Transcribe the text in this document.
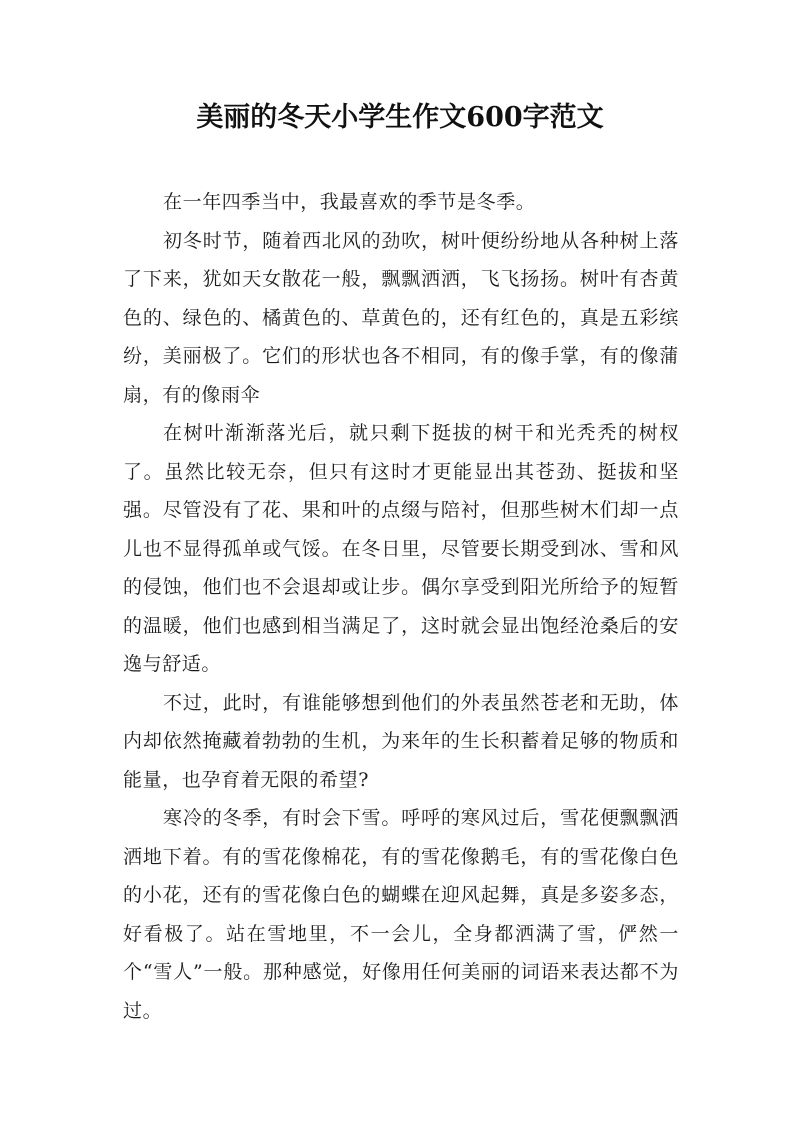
美丽的冬天小学生作文600字范文

在一年四季当中，我最喜欢的季节是冬季。

初冬时节，随着西北风的劲吹，树叶便纷纷地从各种树上落了下来，犹如天女散花一般，飘飘洒洒，飞飞扬扬。树叶有杏黄色的、绿色的、橘黄色的、草黄色的，还有红色的，真是五彩缤纷，美丽极了。它们的形状也各不相同，有的像手掌，有的像蒲扇，有的像雨伞

在树叶渐渐落光后，就只剩下挺拔的树干和光秃秃的树杈了。虽然比较无奈，但只有这时才更能显出其苍劲、挺拔和坚强。尽管没有了花、果和叶的点缀与陪衬，但那些树木们却一点儿也不显得孤单或气馁。在冬日里，尽管要长期受到冰、雪和风的侵蚀，他们也不会退却或让步。偶尔享受到阳光所给予的短暂的温暖，他们也感到相当满足了，这时就会显出饱经沧桑后的安逸与舒适。

不过，此时，有谁能够想到他们的外表虽然苍老和无助，体内却依然掩藏着勃勃的生机，为来年的生长积蓄着足够的物质和能量，也孕育着无限的希望?

寒冷的冬季，有时会下雪。呼呼的寒风过后，雪花便飘飘洒洒地下着。有的雪花像棉花，有的雪花像鹅毛，有的雪花像白色的小花，还有的雪花像白色的蝴蝶在迎风起舞，真是多姿多态，好看极了。站在雪地里，不一会儿，全身都洒满了雪，俨然一个“雪人”一般。那种感觉，好像用任何美丽的词语来表达都不为过。
